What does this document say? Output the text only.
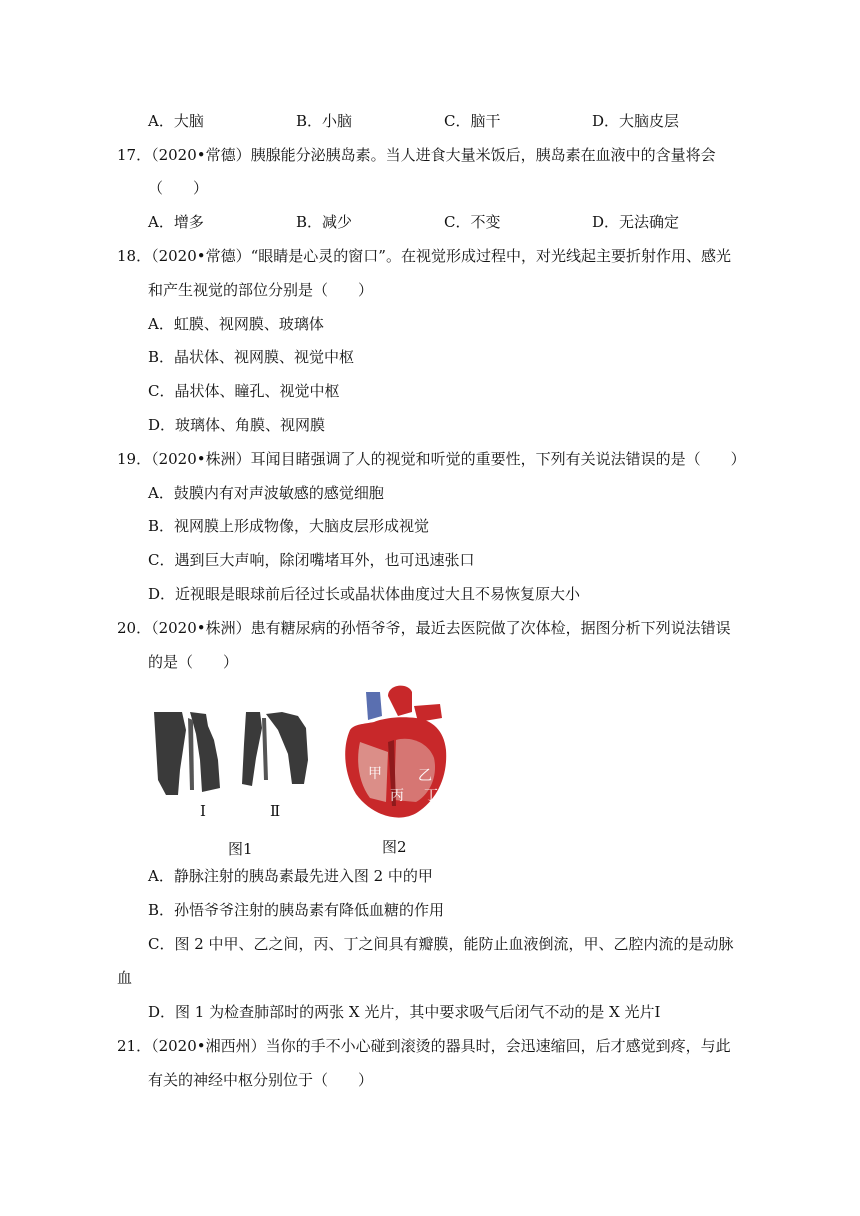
A．大脑	B．小脑	C．脑干	D．大脑皮层
17．（2020•常德）胰腺能分泌胰岛素。当人进食大量米饭后，胰岛素在血液中的含量将会
（　　）
A．增多	B．减少	C．不变	D．无法确定
18．（2020•常德）“眼睛是心灵的窗口”。在视觉形成过程中，对光线起主要折射作用、感光
和产生视觉的部位分别是（　　）
A．虹膜、视网膜、玻璃体
B．晶状体、视网膜、视觉中枢
C．晶状体、瞳孔、视觉中枢
D．玻璃体、角膜、视网膜
19．（2020•株洲）耳闻目睹强调了人的视觉和听觉的重要性，下列有关说法错误的是（　　）
A．鼓膜内有对声波敏感的感觉细胞
B．视网膜上形成物像，大脑皮层形成视觉
C．遇到巨大声响，除闭嘴堵耳外，也可迅速张口
D．近视眼是眼球前后径过长或晶状体曲度过大且不易恢复原大小
20．（2020•株洲）患有糖尿病的孙悟爷爷，最近去医院做了次体检，据图分析下列说法错误
的是（　　）
Ⅰ	Ⅱ
图1
甲	乙
丙 丁
图2
A．静脉注射的胰岛素最先进入图 2 中的甲
B．孙悟爷爷注射的胰岛素有降低血糖的作用
C．图 2 中甲、乙之间，丙、丁之间具有瓣膜，能防止血液倒流，甲、乙腔内流的是动脉
血
D．图 1 为检查肺部时的两张 X 光片，其中要求吸气后闭气不动的是 X 光片Ⅰ
21．（2020•湘西州）当你的手不小心碰到滚烫的器具时，会迅速缩回，后才感觉到疼，与此
有关的神经中枢分别位于（　　）
